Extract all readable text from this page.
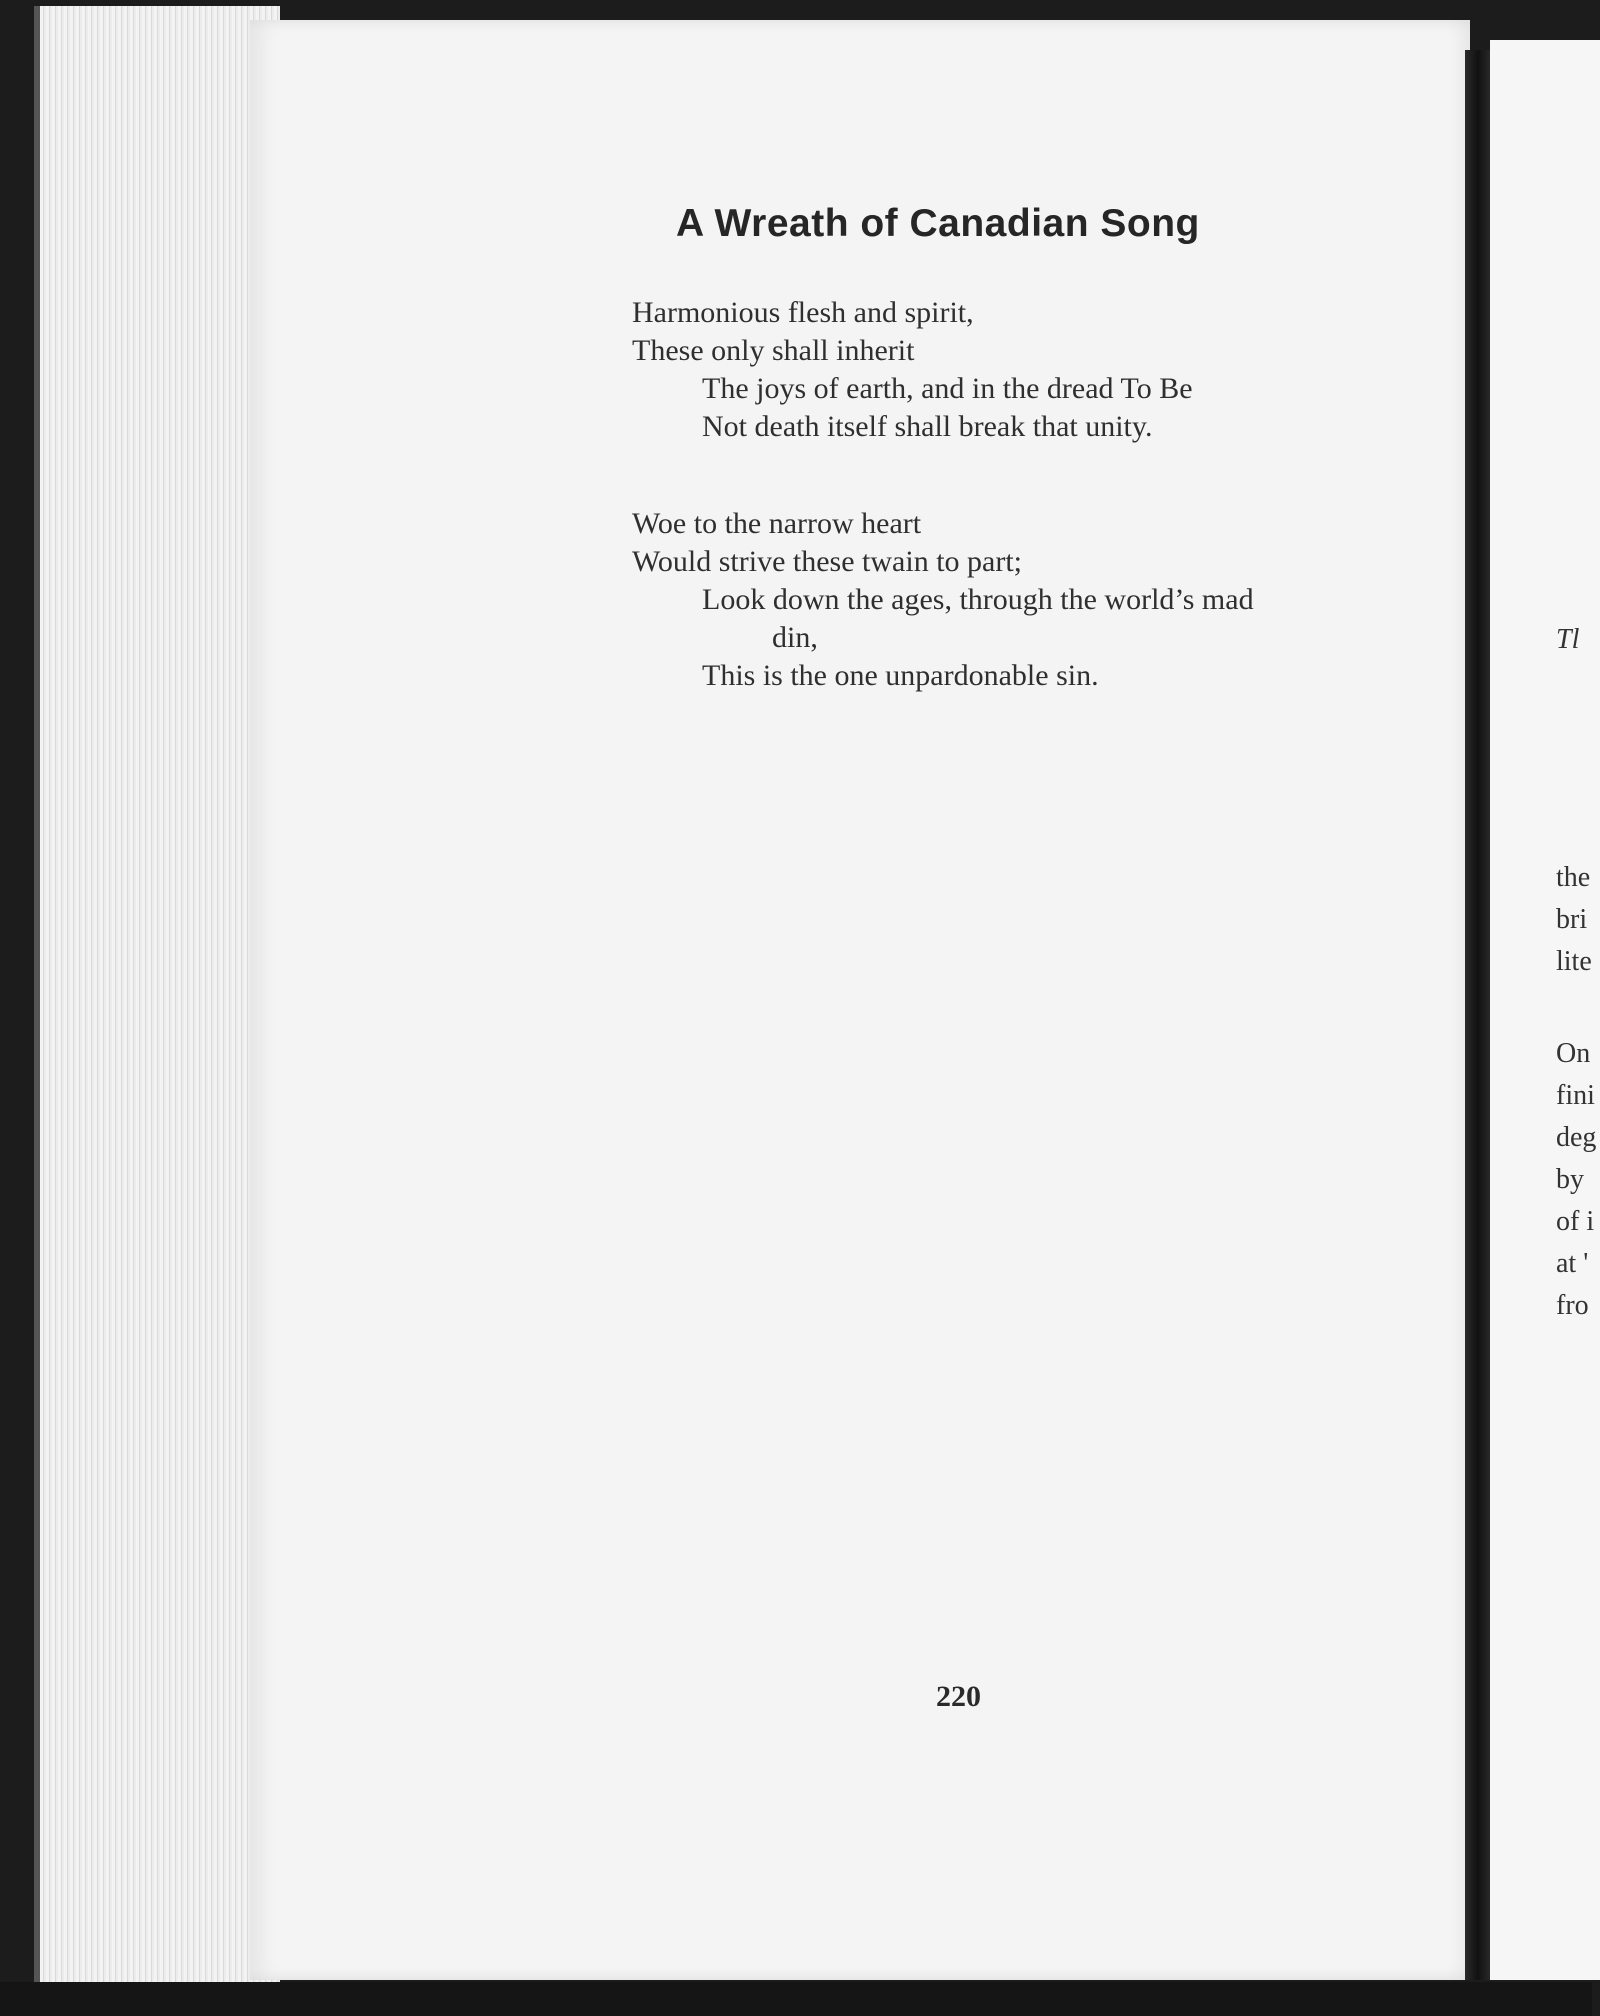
A Wreath of Canadian Song
Harmonious flesh and spirit,
These only shall inherit
The joys of earth, and in the dread To Be
Not death itself shall break that unity.
Woe to the narrow heart
Would strive these twain to part;
Look down the ages, through the world’s mad
din,
This is the one unpardonable sin.
220
Tl
the
bri
lite
On
fini
deg
by
of i
at '
fro
